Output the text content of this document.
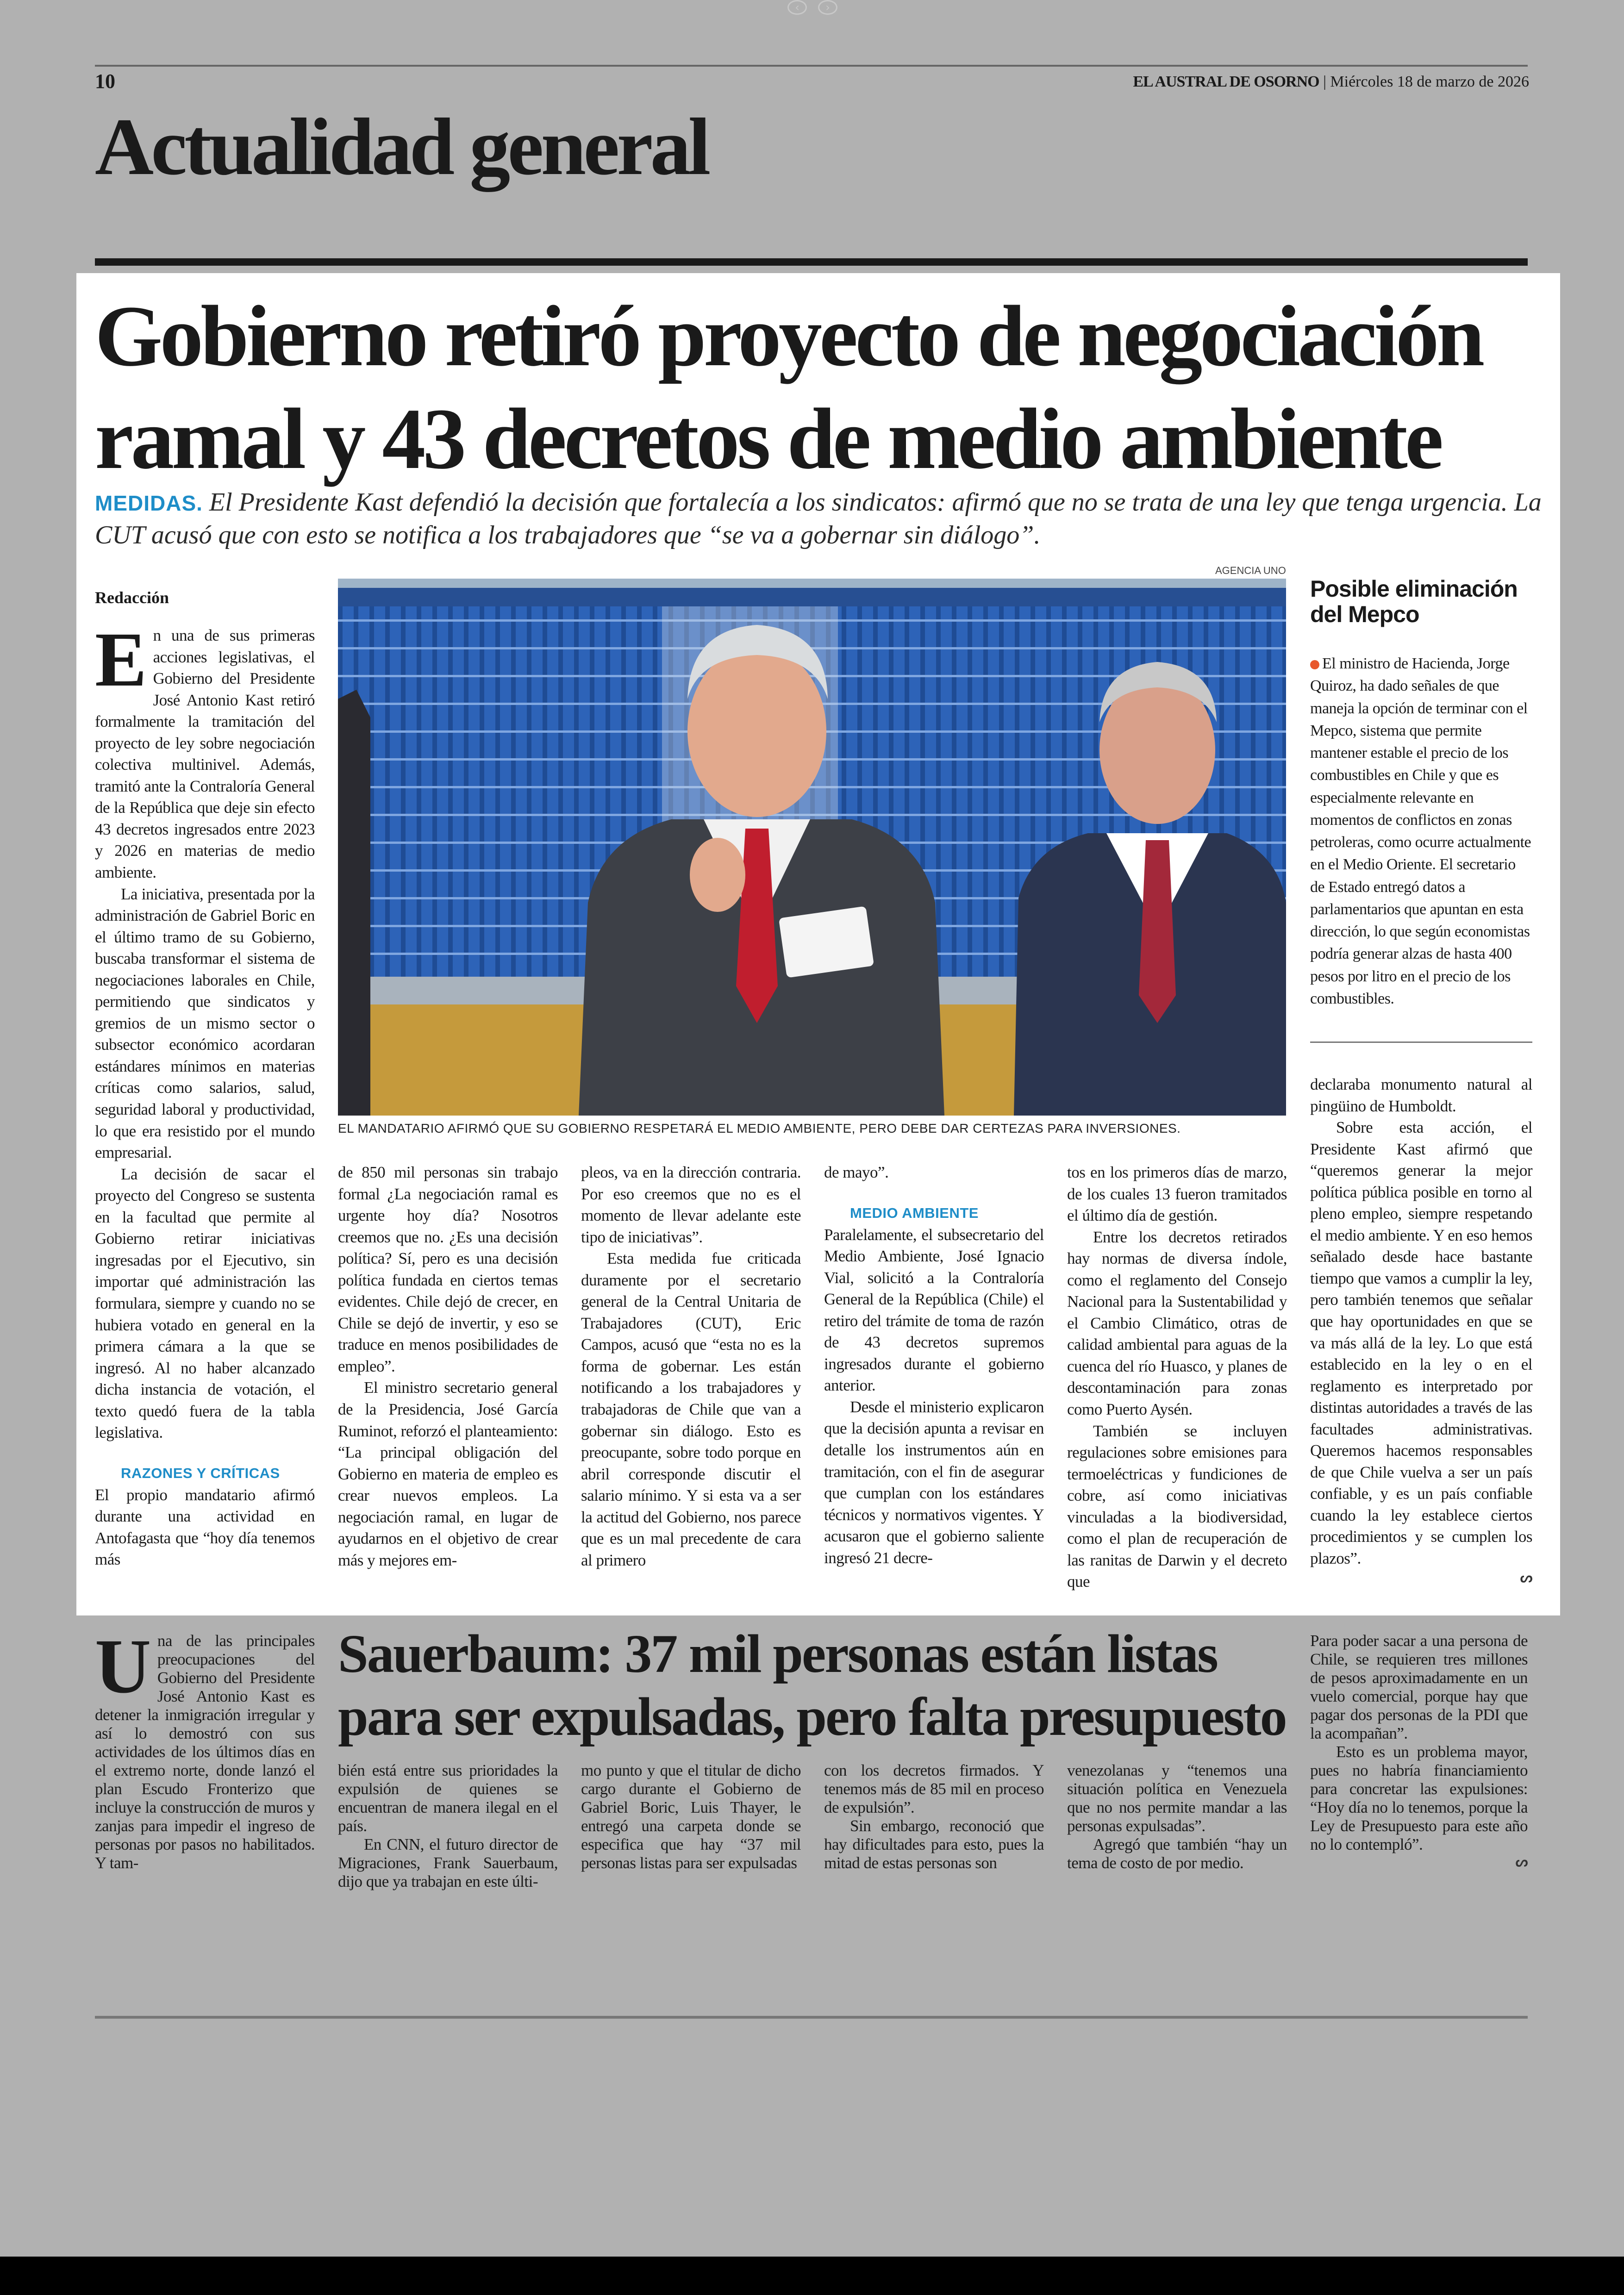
‹	›
10	EL AUSTRAL DE OSORNO | Miércoles 18 de marzo de 2026
Actualidad general
Gobierno retiró proyecto de negociación ramal y 43 decretos de medio ambiente
MEDIDAS. El Presidente Kast defendió la decisión que fortalecía a los sindicatos: afirmó que no se trata de una ley que tenga urgencia. La CUT acusó que con esto se notifica a los trabajadores que “se va a gobernar sin diálogo”.
Redacción
AGENCIA UNO
EL MANDATARIO AFIRMÓ QUE SU GOBIERNO RESPETARÁ EL MEDIO AMBIENTE, PERO DEBE DAR CERTEZAS PARA INVERSIONES.
Posible eliminación del Mepco
El ministro de Hacienda, Jorge Quiroz, ha dado señales de que maneja la opción de terminar con el Mepco, sistema que permite mantener estable el precio de los combustibles en Chile y que es especialmente relevante en momentos de conflictos en zonas petroleras, como ocurre actualmente en el Medio Oriente. El secretario de Estado entregó datos a parlamentarios que apuntan en esta dirección, lo que según economistas podría generar alzas de hasta 400 pesos por litro en el precio de los combustibles.

En una de sus primeras acciones legislativas, el Gobierno del Presidente José Antonio Kast retiró formalmente la tramitación del proyecto de ley sobre negociación colectiva multinivel. Además, tramitó ante la Contraloría General de la República que deje sin efecto 43 decretos ingresados entre 2023 y 2026 en materias de medio ambiente.

La iniciativa, presentada por la administración de Gabriel Boric en el último tramo de su Gobierno, buscaba transformar el sistema de negociaciones laborales en Chile, permitiendo que sindicatos y gremios de un mismo sector o subsector económico acordaran estándares mínimos en materias críticas como salarios, salud, seguridad laboral y productividad, lo que era resistido por el mundo empresarial.

La decisión de sacar el proyecto del Congreso se sustenta en la facultad que permite al Gobierno retirar iniciativas ingresadas por el Ejecutivo, sin importar qué administración las formulara, siempre y cuando no se hubiera votado en general en la primera cámara a la que se ingresó. Al no haber alcanzado dicha instancia de votación, el texto quedó fuera de la tabla legislativa.

RAZONES Y CRÍTICAS

El propio mandatario afirmó durante una actividad en Antofagasta que “hoy día tenemos más

de 850 mil personas sin trabajo formal ¿La negociación ramal es urgente hoy día? Nosotros creemos que no. ¿Es una decisión política? Sí, pero es una decisión política fundada en ciertos temas evidentes. Chile dejó de crecer, en Chile se dejó de invertir, y eso se traduce en menos posibilidades de empleo”.

El ministro secretario general de la Presidencia, José García Ruminot, reforzó el planteamiento: “La principal obligación del Gobierno en materia de empleo es crear nuevos empleos. La negociación ramal, en lugar de ayudarnos en el objetivo de crear más y mejores em-

pleos, va en la dirección contraria. Por eso creemos que no es el momento de llevar adelante este tipo de iniciativas”.

Esta medida fue criticada duramente por el secretario general de la Central Unitaria de Trabajadores (CUT), Eric Campos, acusó que “esta no es la forma de gobernar. Les están notificando a los trabajadores y trabajadoras de Chile que van a gobernar sin diálogo. Esto es preocupante, sobre todo porque en abril corresponde discutir el salario mínimo. Y si esta va a ser la actitud del Gobierno, nos parece que es un mal precedente de cara al primero

de mayo”.

MEDIO AMBIENTE

Paralelamente, el subsecretario del Medio Ambiente, José Ignacio Vial, solicitó a la Contraloría General de la República (Chile) el retiro del trámite de toma de razón de 43 decretos supremos ingresados durante el gobierno anterior.

Desde el ministerio explicaron que la decisión apunta a revisar en detalle los instrumentos aún en tramitación, con el fin de asegurar que cumplan con los estándares técnicos y normativos vigentes. Y acusaron que el gobierno saliente ingresó 21 decre-

tos en los primeros días de marzo, de los cuales 13 fueron tramitados el último día de gestión.

Entre los decretos retirados hay normas de diversa índole, como el reglamento del Consejo Nacional para la Sustentabilidad y el Cambio Climático, otras de calidad ambiental para aguas de la cuenca del río Huasco, y planes de descontaminación para zonas como Puerto Aysén.

También se incluyen regulaciones sobre emisiones para termoeléctricas y fundiciones de cobre, así como iniciativas vinculadas a la biodiversidad, como el plan de recuperación de las ranitas de Darwin y el decreto que

declaraba monumento natural al pingüino de Humboldt.

Sobre esta acción, el Presidente Kast afirmó que “queremos generar la mejor política pública posible en torno al pleno empleo, siempre respetando el medio ambiente. Y en eso hemos señalado desde hace bastante tiempo que vamos a cumplir la ley, pero también tenemos que señalar que hay oportunidades en que se va más allá de la ley. Lo que está establecido en la ley o en el reglamento es interpretado por distintas autoridades a través de las facultades administrativas. Queremos hacemos responsables de que Chile vuelva a ser un país confiable, y es un país confiable cuando la ley establece ciertos procedimientos y se cumplen los plazos”.

ᔕ
Sauerbaum: 37 mil personas están listas para ser expulsadas, pero falta presupuesto

Una de las principales preocupaciones del Gobierno del Presidente José Antonio Kast es detener la inmigración irregular y así lo demostró con sus actividades de los últimos días en el extremo norte, donde lanzó el plan Escudo Fronterizo que incluye la construcción de muros y zanjas para impedir el ingreso de personas por pasos no habilitados. Y tam-

bién está entre sus prioridades la expulsión de quienes se encuentran de manera ilegal en el país.

En CNN, el futuro director de Migraciones, Frank Sauerbaum, dijo que ya trabajan en este últi-

mo punto y que el titular de dicho cargo durante el Gobierno de Gabriel Boric, Luis Thayer, le entregó una carpeta donde se especifica que hay “37 mil personas listas para ser expulsadas

con los decretos firmados. Y tenemos más de 85 mil en proceso de expulsión”.

Sin embargo, reconoció que hay dificultades para esto, pues la mitad de estas personas son

venezolanas y “tenemos una situación política en Venezuela que no nos permite mandar a las personas expulsadas”.

Agregó que también “hay un tema de costo de por medio.

Para poder sacar a una persona de Chile, se requieren tres millones de pesos aproximadamente en un vuelo comercial, porque hay que pagar dos personas de la PDI que la acompañan”.

Esto es un problema mayor, pues no habría financiamiento para concretar las expulsiones: “Hoy día no lo tenemos, porque la Ley de Presupuesto para este año no lo contempló”.

ᔕ
